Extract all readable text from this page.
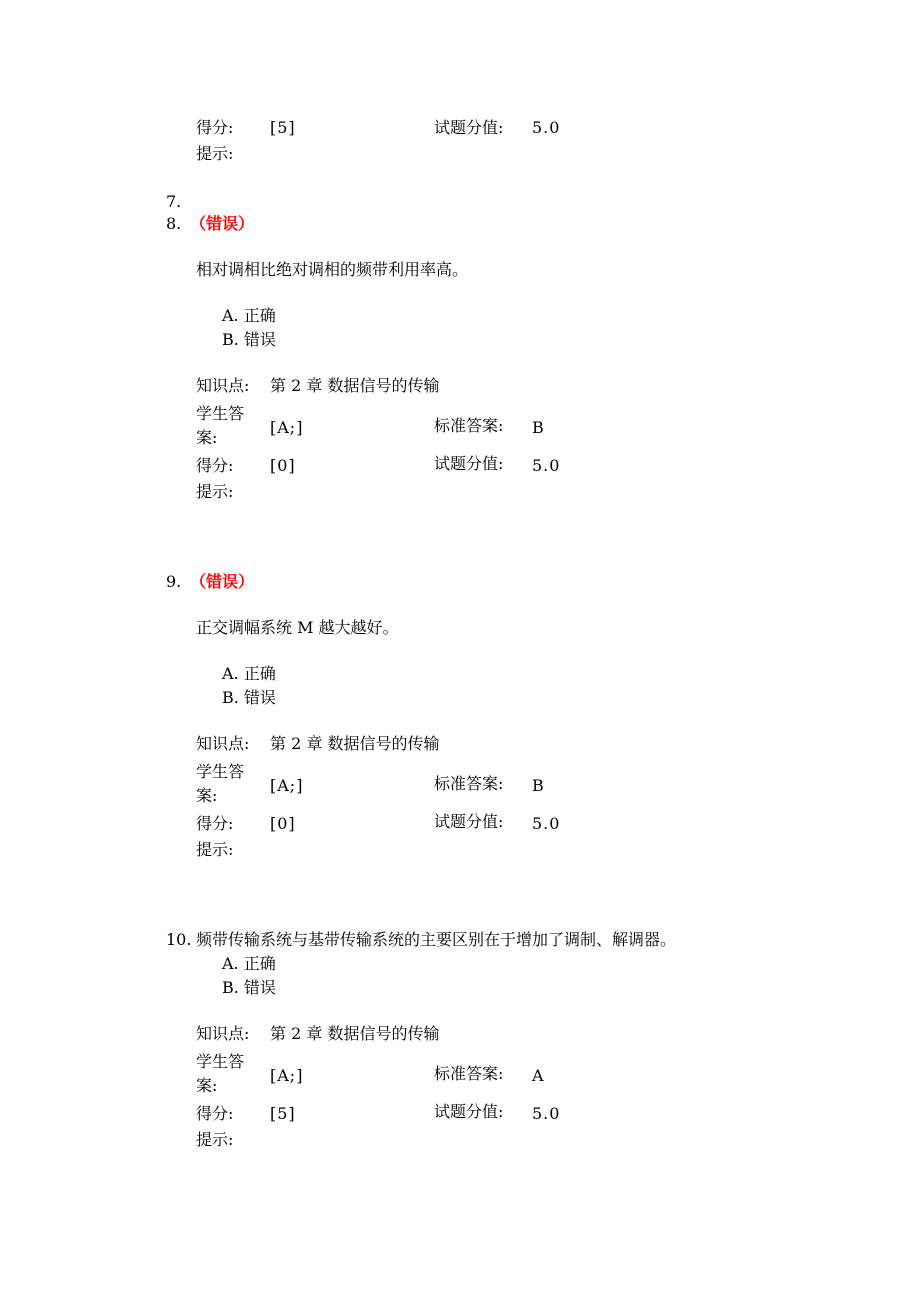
得分: [5]	试题分值: 5.0
提示:
7.
8. （错误）
相对调相比绝对调相的频带利用率高。
A. 正确
B. 错误
知识点: 第 2 章 数据信号的传输
学生答
案:
[A;]	标准答案: B
得分: [0]	试题分值: 5.0
提示:
9. （错误）
正交调幅系统 M 越大越好。
A. 正确
B. 错误
知识点: 第 2 章 数据信号的传输
学生答
案:
[A;]	标准答案: B
得分: [0]	试题分值: 5.0
提示:
10. 频带传输系统与基带传输系统的主要区别在于增加了调制、解调器。
A. 正确
B. 错误
知识点: 第 2 章 数据信号的传输
学生答
案:
[A;]	标准答案: A
得分: [5]	试题分值: 5.0
提示:
